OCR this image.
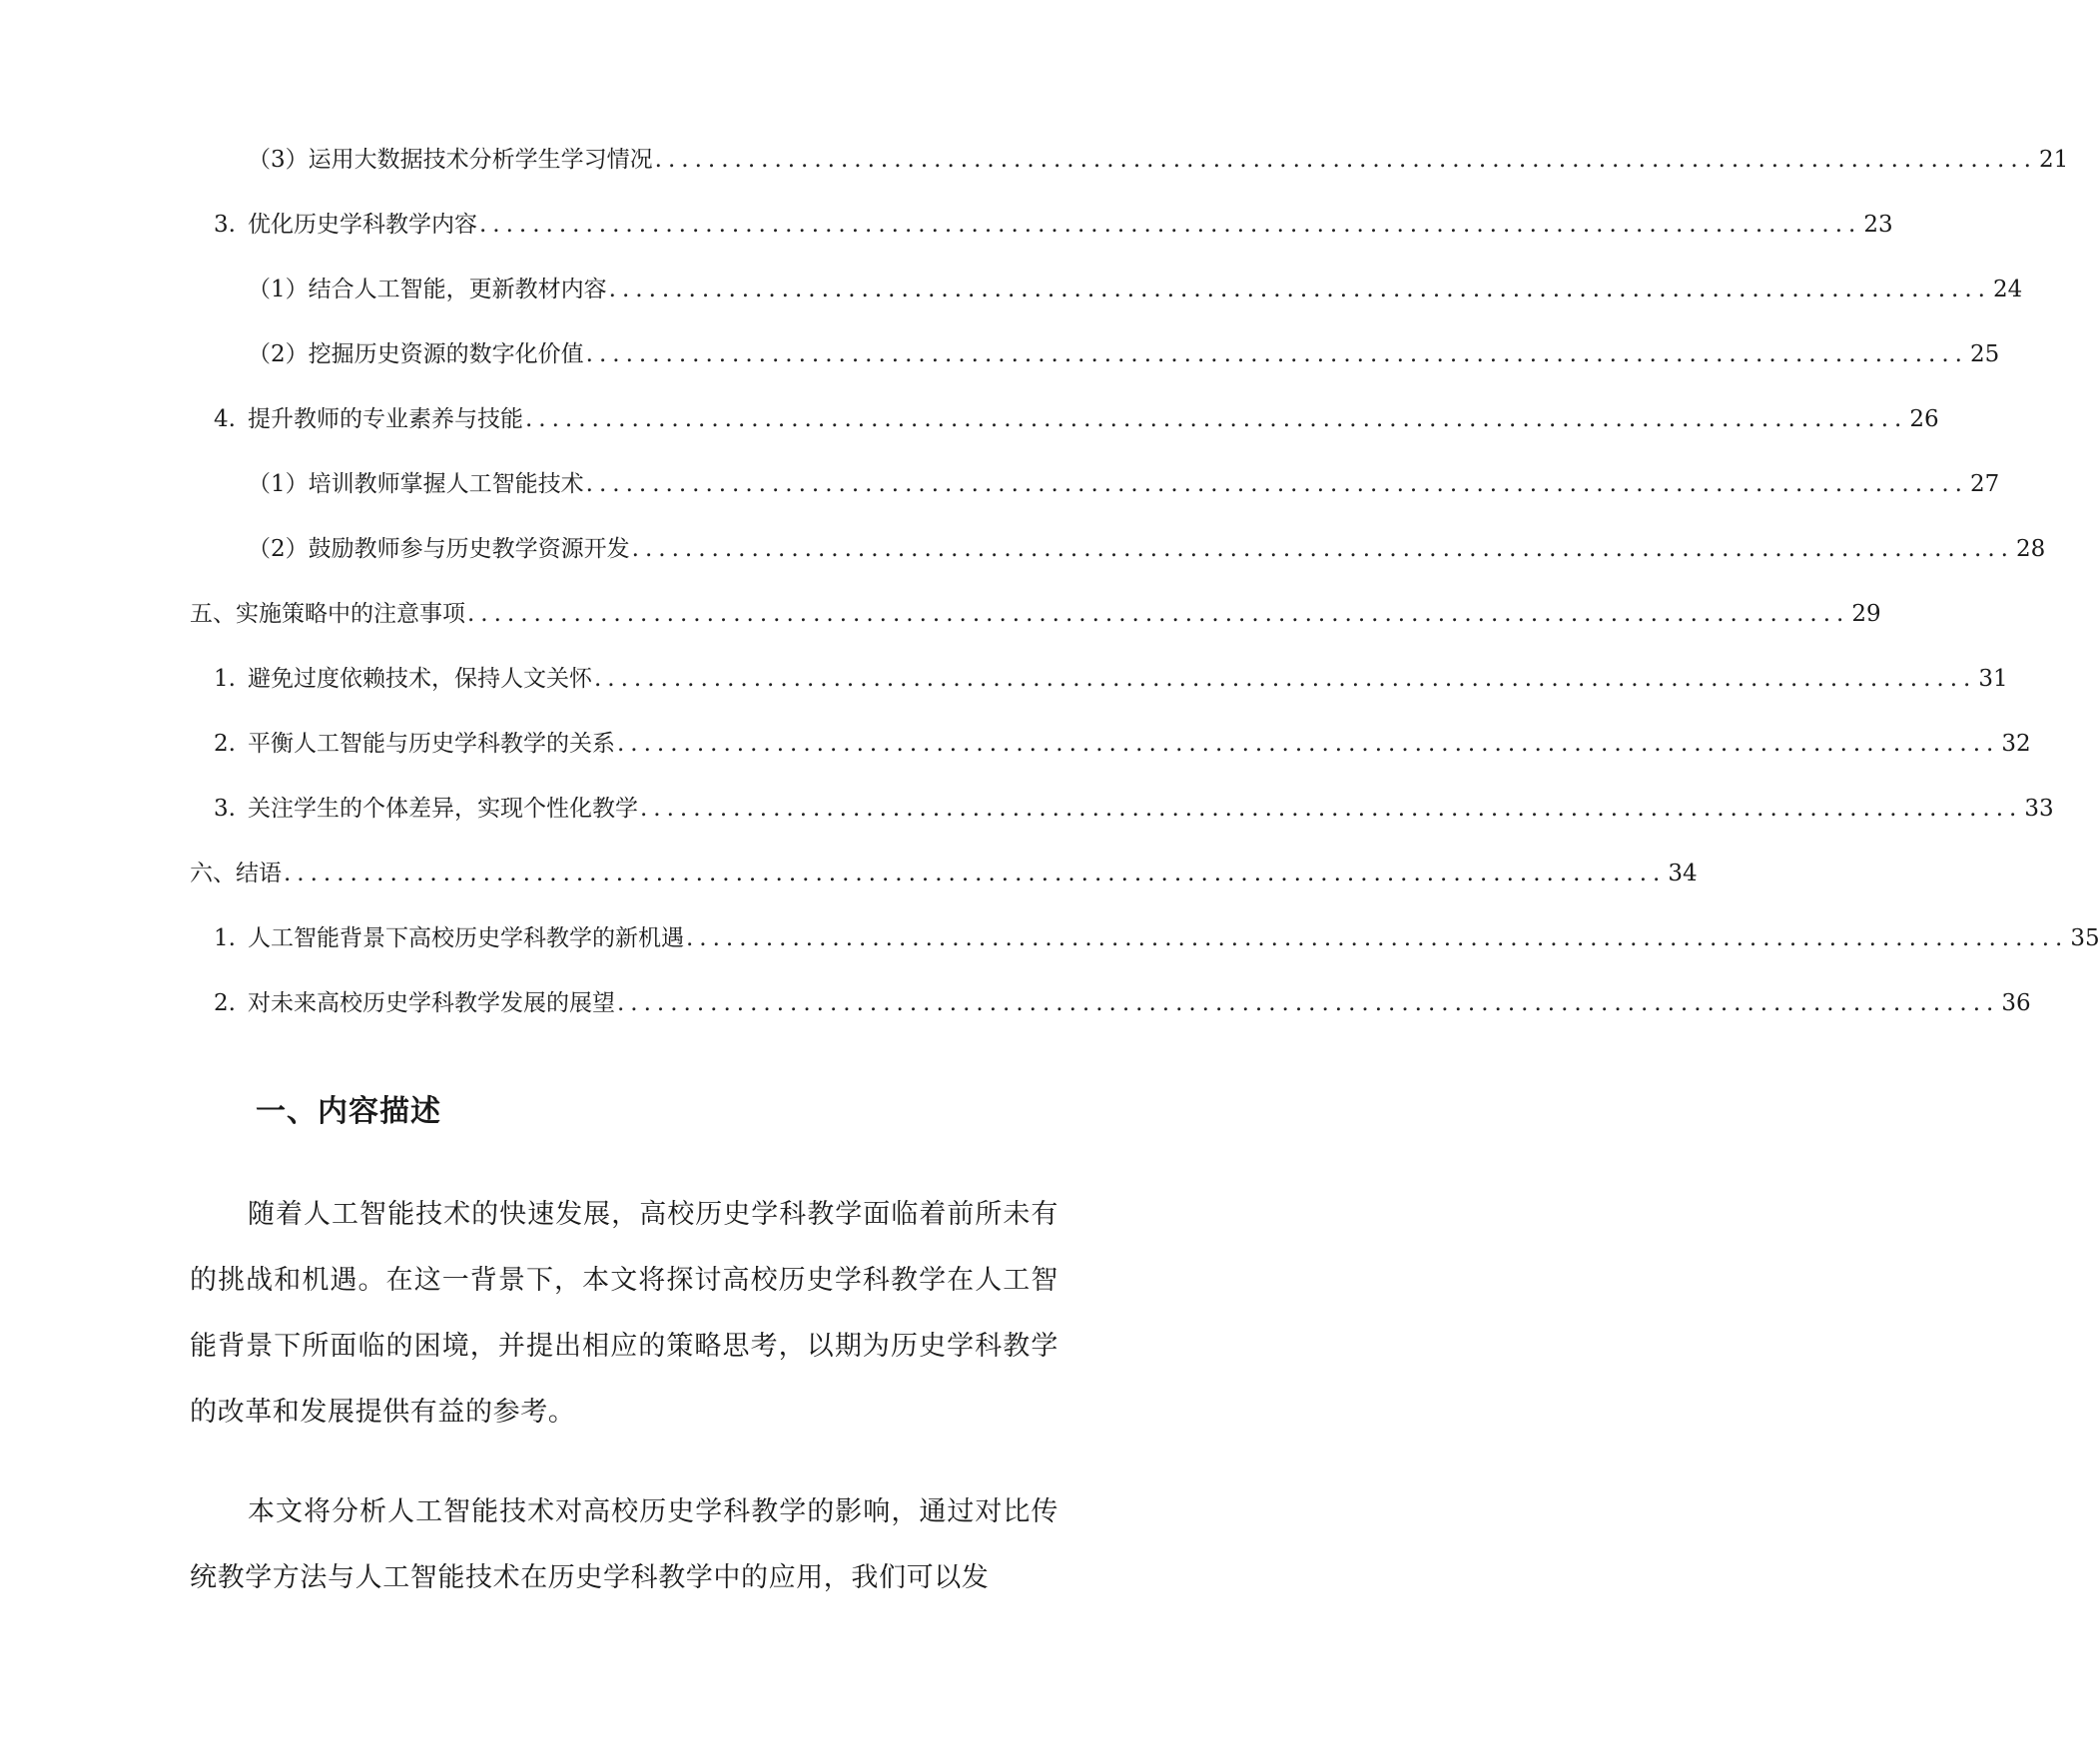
（3）运用大数据技术分析学生学习情况 ........................................................................................................ 21
3. 优化历史学科教学内容 ........................................................................................................ 23
（1）结合人工智能，更新教材内容 ........................................................................................................ 24
（2）挖掘历史资源的数字化价值 ........................................................................................................ 25
4. 提升教师的专业素养与技能 ........................................................................................................ 26
（1）培训教师掌握人工智能技术 ........................................................................................................ 27
（2）鼓励教师参与历史教学资源开发 ........................................................................................................ 28
五、实施策略中的注意事项 ........................................................................................................ 29
1. 避免过度依赖技术，保持人文关怀 ........................................................................................................ 31
2. 平衡人工智能与历史学科教学的关系 ........................................................................................................ 32
3. 关注学生的个体差异，实现个性化教学 ........................................................................................................ 33
六、结语 ........................................................................................................ 34
1. 人工智能背景下高校历史学科教学的新机遇 ........................................................................................................ 35
2. 对未来高校历史学科教学发展的展望 ........................................................................................................ 36
一、内容描述

随着人工智能技术的快速发展，高校历史学科教学面临着前所未有的挑战和机遇。在这一背景下，本文将探讨高校历史学科教学在人工智能背景下所面临的困境，并提出相应的策略思考，以期为历史学科教学的改革和发展提供有益的参考。

本文将分析人工智能技术对高校历史学科教学的影响，通过对比传统教学方法与人工智能技术在历史学科教学中的应用，我们可以发
